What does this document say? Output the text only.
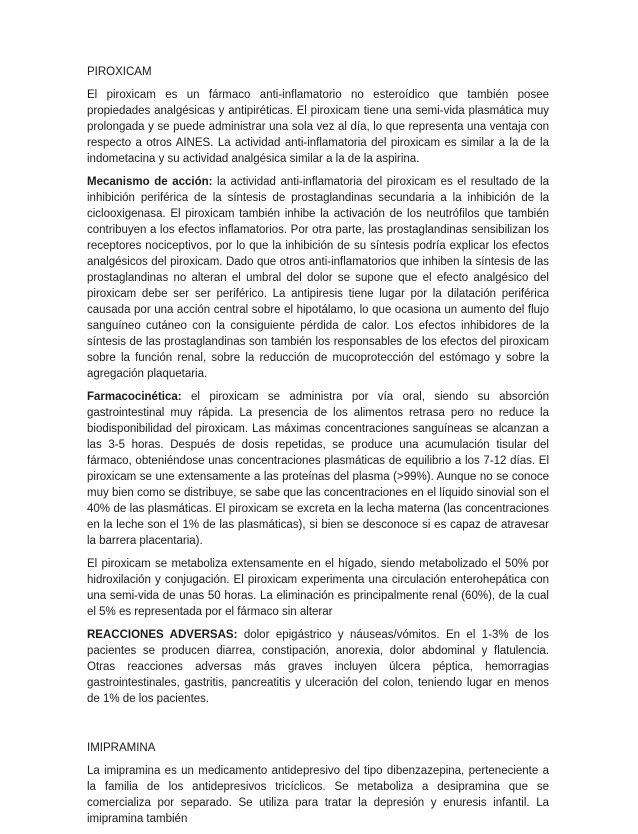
PIROXICAM

El piroxicam es un fármaco anti-inflamatorio no esteroídico que también posee propiedades analgésicas y antipiréticas. El piroxicam tiene una semi-vida plasmática muy prolongada y se puede administrar una sola vez al día, lo que representa una ventaja con respecto a otros AINES. La actividad anti-inflamatoria del piroxicam es similar a la de la indometacina y su actividad analgésica similar a la de la aspirina.

Mecanismo de acción: la actividad anti-inflamatoria del piroxicam es el resultado de la inhibición periférica de la síntesis de prostaglandinas secundaria a la inhibición de la ciclooxigenasa. El piroxicam también inhibe la activación de los neutrófilos que también contribuyen a los efectos inflamatorios. Por otra parte, las prostaglandinas sensibilizan los receptores nociceptivos, por lo que la inhibición de su síntesis podría explicar los efectos analgésicos del piroxicam. Dado que otros anti-inflamatorios que inhiben la síntesis de las prostaglandinas no alteran el umbral del dolor se supone que el efecto analgésico del piroxicam debe ser ser periférico. La antipiresis tiene lugar por la dilatación periférica causada por una acción central sobre el hipotálamo, lo que ocasiona un aumento del flujo sanguíneo cutáneo con la consiguiente pérdida de calor. Los efectos inhibidores de la síntesis de las prostaglandinas son también los responsables de los efectos del piroxicam sobre la función renal, sobre la reducción de mucoprotección del estómago y sobre la agregación plaquetaria.

Farmacocinética: el piroxicam se administra por vía oral, siendo su absorción gastrointestinal muy rápida. La presencia de los alimentos retrasa pero no reduce la biodisponibilidad del piroxicam. Las máximas concentraciones sanguíneas se alcanzan a las 3-5 horas. Después de dosis repetidas, se produce una acumulación tisular del fármaco, obteniéndose unas concentraciones plasmáticas de equilibrio a los 7-12 días. El piroxicam se une extensamente a las proteínas del plasma (>99%). Aunque no se conoce muy bien como se distribuye, se sabe que las concentraciones en el líquido sinovial son el 40% de las plasmáticas. El piroxicam se excreta en la lecha materna (las concentraciones en la leche son el 1% de las plasmáticas), si bien se desconoce si es capaz de atravesar la barrera placentaria).

El piroxicam se metaboliza extensamente en el hígado, siendo metabolizado el 50% por hidroxilación y conjugación. El piroxicam experimenta una circulación enterohepática con una semi-vida de unas 50 horas. La eliminación es principalmente renal (60%), de la cual el 5% es representada por el fármaco sin alterar

REACCIONES ADVERSAS: dolor epigástrico y náuseas/vómitos. En el 1-3% de los pacientes se producen diarrea, constipación, anorexia, dolor abdominal y flatulencia. Otras reacciones adversas más graves incluyen úlcera péptica, hemorragias gastrointestinales, gastritis, pancreatitis y ulceración del colon, teniendo lugar en menos de 1% de los pacientes.

IMIPRAMINA

La imipramina es un medicamento antidepresivo del tipo dibenzazepina, perteneciente a la familia de los antidepresivos tricíclicos. Se metaboliza a desipramina que se comercializa por separado. Se utiliza para tratar la depresión y enuresis infantil. La imipramina también
